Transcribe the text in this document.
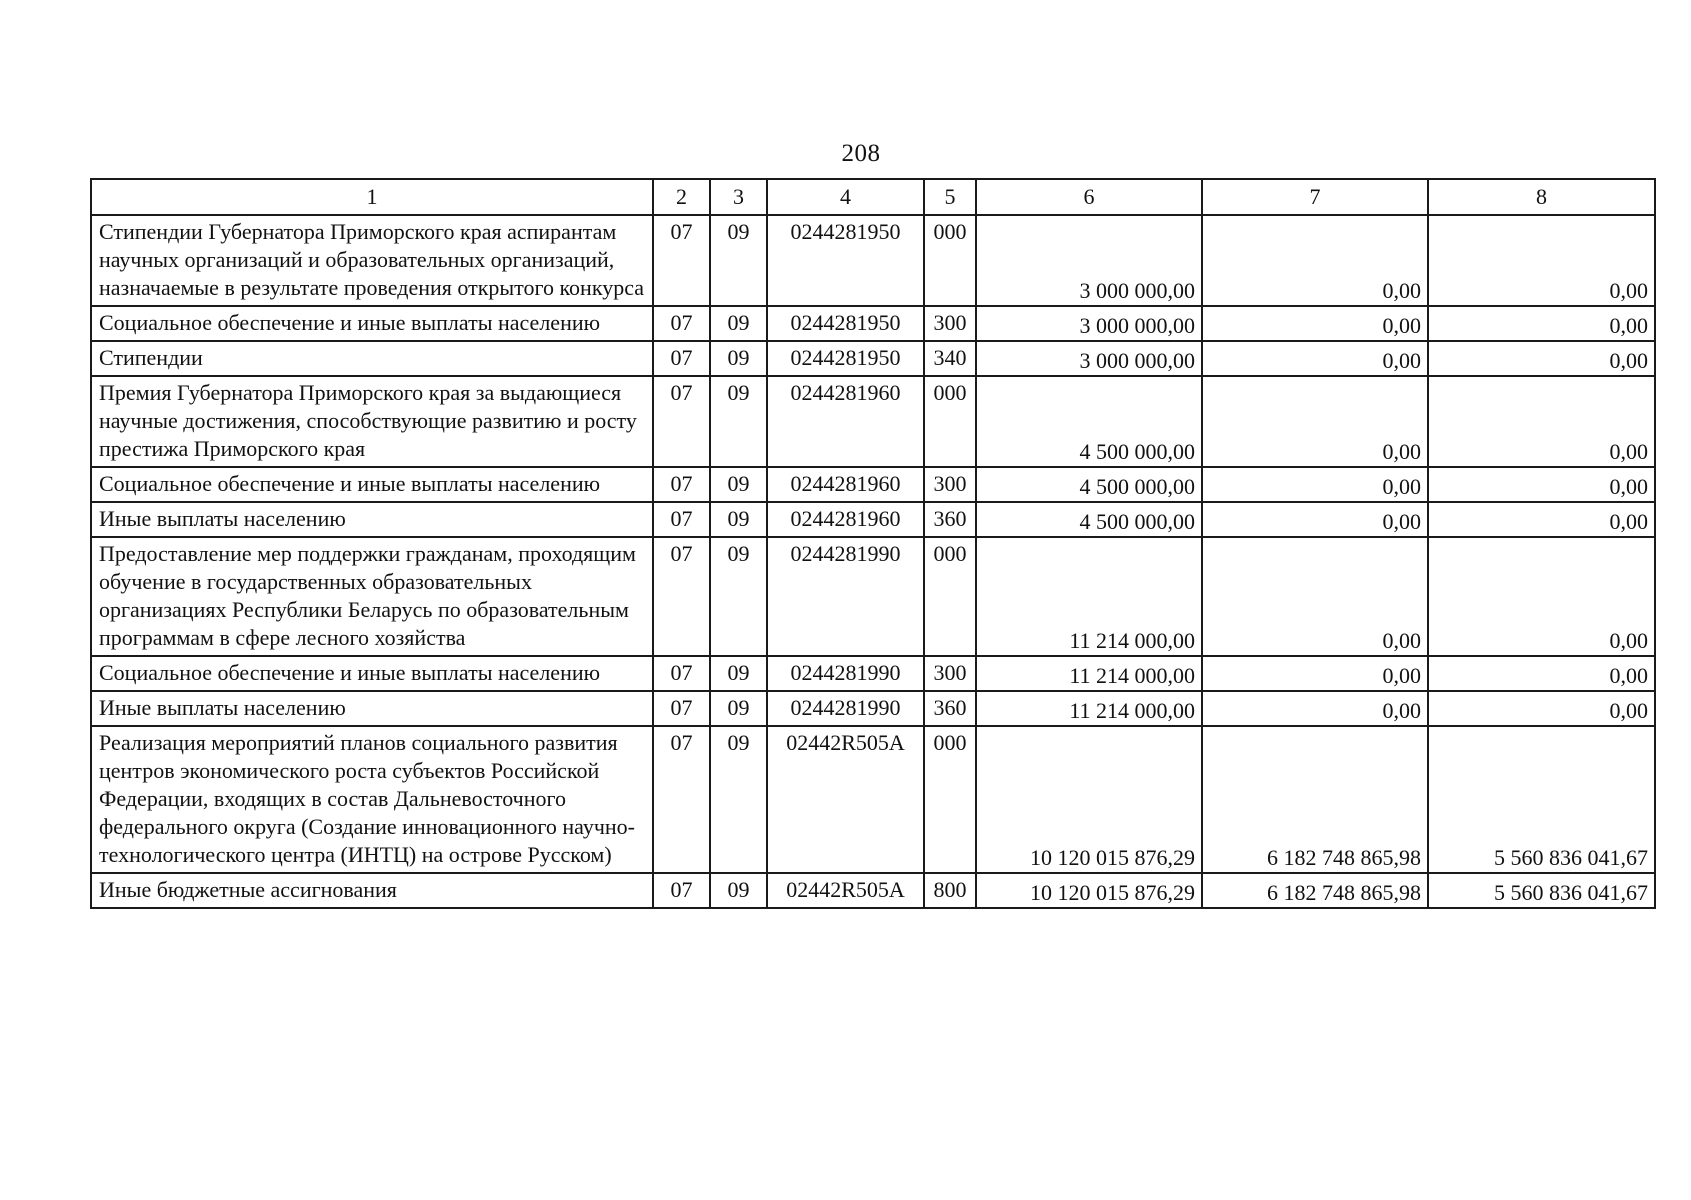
208
1	2	3	4	5	6	7	8
Стипендии Губернатора Приморского края аспирантам научных организаций и образовательных организаций, назначаемые в результате проведения открытого конкурса	07	09	0244281950	000	3 000 000,00	0,00	0,00
Социальное обеспечение и иные выплаты населению	07	09	0244281950	300	3 000 000,00	0,00	0,00
Стипендии	07	09	0244281950	340	3 000 000,00	0,00	0,00
Премия Губернатора Приморского края за выдающиеся научные достижения, способствующие развитию и росту престижа Приморского края	07	09	0244281960	000	4 500 000,00	0,00	0,00
Социальное обеспечение и иные выплаты населению	07	09	0244281960	300	4 500 000,00	0,00	0,00
Иные выплаты населению	07	09	0244281960	360	4 500 000,00	0,00	0,00
Предоставление мер поддержки гражданам, проходящим обучение в государственных образовательных организациях Республики Беларусь по образовательным программам в сфере лесного хозяйства	07	09	0244281990	000	11 214 000,00	0,00	0,00
Социальное обеспечение и иные выплаты населению	07	09	0244281990	300	11 214 000,00	0,00	0,00
Иные выплаты населению	07	09	0244281990	360	11 214 000,00	0,00	0,00
Реализация мероприятий планов социального развития центров экономического роста субъектов Российской Федерации, входящих в состав Дальневосточного федерального округа (Создание инновационного научно-технологического центра (ИНТЦ) на острове Русском)	07	09	02442R505A	000	10 120 015 876,29	6 182 748 865,98	5 560 836 041,67
Иные бюджетные ассигнования	07	09	02442R505A	800	10 120 015 876,29	6 182 748 865,98	5 560 836 041,67
